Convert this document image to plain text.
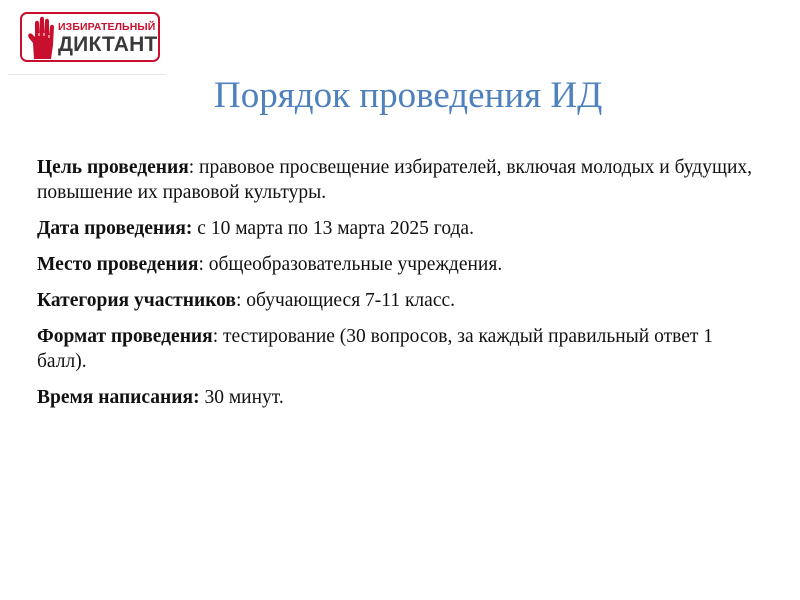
ИЗБИРАТЕЛЬНЫЙ
ДИКТАНТ
Порядок проведения ИД

Цель проведения: правовое просвещение избирателей, включая молодых и будущих, повышение их правовой культуры.

Дата проведения: с 10 марта по 13 марта 2025 года.

Место проведения: общеобразовательные учреждения.

Категория участников: обучающиеся 7-11 класс.

Формат проведения: тестирование (30 вопросов, за каждый правильный ответ 1 балл).

Время написания: 30 минут.
